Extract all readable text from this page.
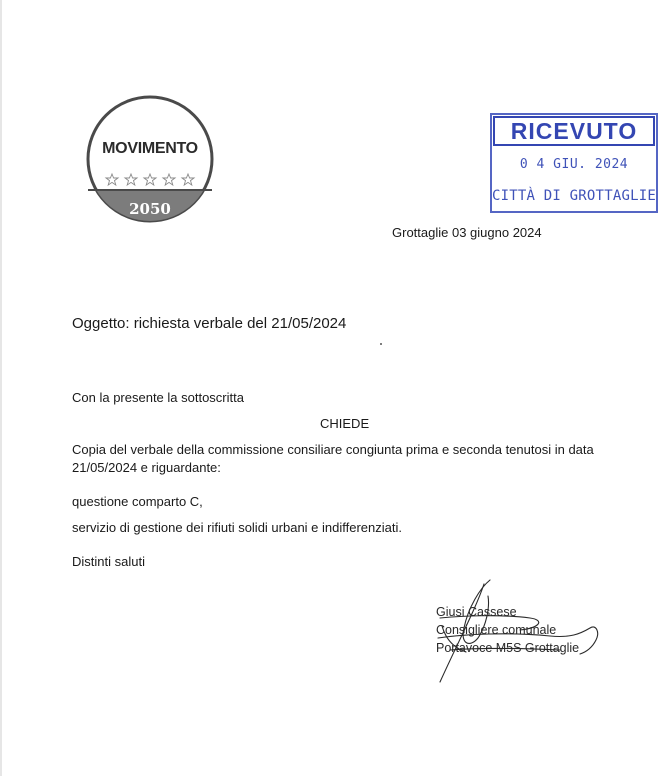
MOVIMENTO
2050
RICEVUTO
0 4 GIU. 2024
CITTÀ DI GROTTAGLIE
Grottaglie 03 giugno 2024
Oggetto: richiesta verbale del 21/05/2024
Con la presente la sottoscritta
CHIEDE
Copia del verbale della commissione consiliare congiunta prima e seconda tenutosi in data 21/05/2024 e riguardante:
questione comparto C,
servizio di gestione dei rifiuti solidi urbani e indifferenziati.
Distinti saluti
Giusi Cassese
Consigliere comunale
Portavoce M5S Grottaglie
